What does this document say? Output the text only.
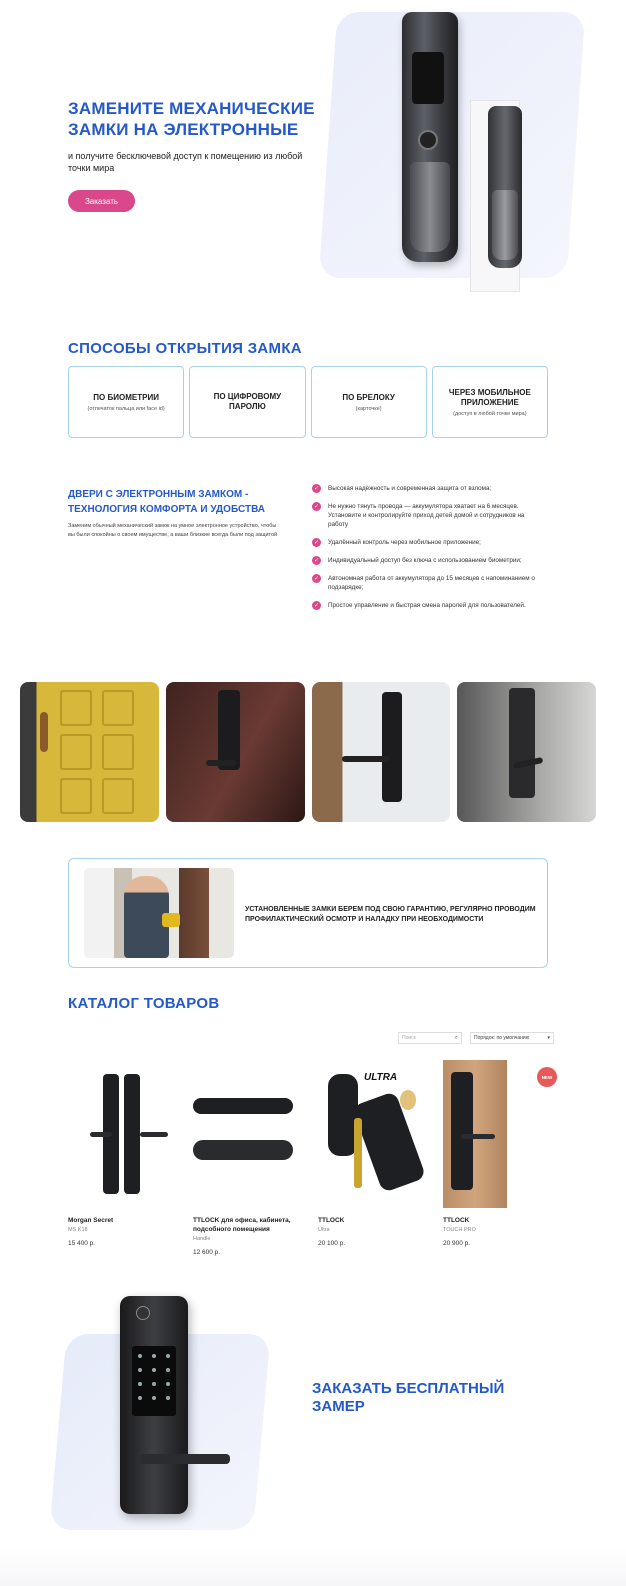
ЗАМЕНИТЕ МЕХАНИЧЕСКИЕ ЗАМКИ НА ЭЛЕКТРОННЫЕ
и получите бесключевой доступ к помещению из любой точки мира
Заказать
СПОСОБЫ ОТКРЫТИЯ ЗАМКА
ПО БИОМЕТРИИ
(отпечаток пальца или face id)
ПО ЦИФРОВОМУ ПАРОЛЮ
ПО БРЕЛОКУ
(карточке)
ЧЕРЕЗ МОБИЛЬНОЕ ПРИЛОЖЕНИЕ
(доступ в любой точке мира)
ДВЕРИ С ЭЛЕКТРОННЫМ ЗАМКОМ - ТЕХНОЛОГИЯ КОМФОРТА И УДОБСТВА
Заменим обычный механический замок на умное электронное устройство, чтобы вы были спокойны о своем имуществе, а ваши близкие всегда были под защитой
✓	Высокая надёжность и современная защита от взлома;
✓	Не нужно тянуть провода — аккумулятора хватает на 6 месяцев. Установите и контролируйте приход детей домой и сотрудников на работу
✓	Удалённый контроль через мобильное приложение;
✓	Индивидуальный доступ без ключа с использованием биометрии;
✓	Автономная работа от аккумулятора до 15 месяцев с напоминанием о подзарядке;
✓	Простое управление и быстрая смена паролей для пользователей.
УСТАНОВЛЕННЫЕ ЗАМКИ БЕРЕМ ПОД СВОЮ ГАРАНТИЮ, РЕГУЛЯРНО ПРОВОДИМ ПРОФИЛАКТИЧЕСКИЙ ОСМОТР И НАЛАДКУ ПРИ НЕОБХОДИМОСТИ
КАТАЛОГ ТОВАРОВ
Поиск	⌕	Порядок: по умолчанию	▾
Morgan Secret
MS K18
15 400 р.
TTLOCK для офиса, кабинета, подсобного помещения
Handle
12 600 р.
ULTRA
TTLOCK
Ultra
20 100 р.
NEW
TTLOCK
TOUCH PRO
20 900 р.
ЗАКАЗАТЬ БЕСПЛАТНЫЙ ЗАМЕР
